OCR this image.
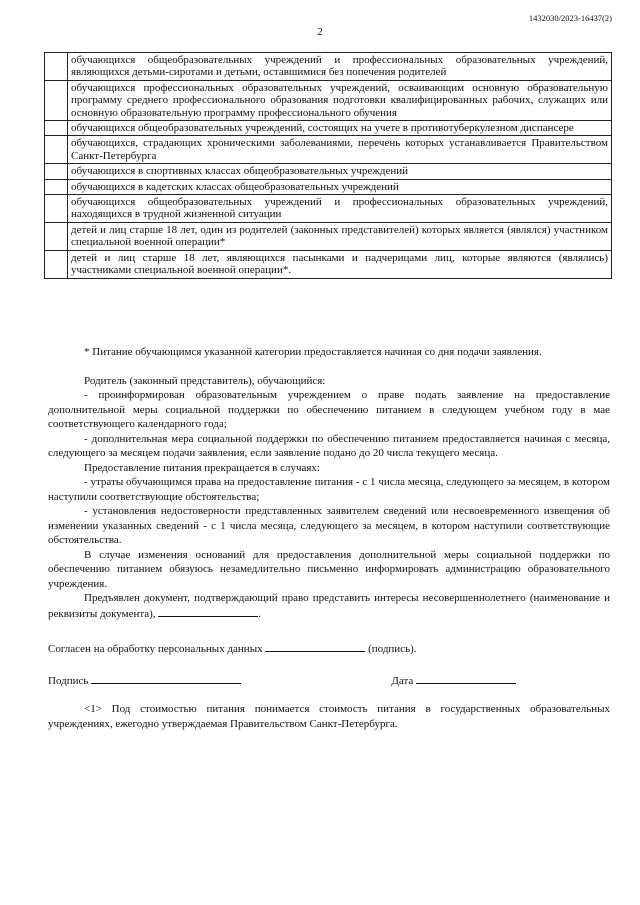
1432030/2023-16437(2)
2
	обучающихся общеобразовательных учреждений и профессиональных образовательных учреждений, являющихся детьми-сиротами и детьми, оставшимися без попечения родителей
	обучающихся профессиональных образовательных учреждений, осваивающим основную образовательную программу среднего профессионального образования подготовки квалифицированных рабочих, служащих или основную образовательную программу профессионального обучения
	обучающихся общеобразовательных учреждений, состоящих на учете в противотуберкулезном диспансере
	обучающихся, страдающих хроническими заболеваниями, перечень которых устанавливается Правительством Санкт-Петербурга
	обучающихся в спортивных классах общеобразовательных учреждений
	обучающихся в кадетских классах общеобразовательных учреждений
	обучающихся общеобразовательных учреждений и профессиональных образовательных учреждений, находящихся в трудной жизненной ситуации
	детей и лиц старше 18 лет, один из родителей (законных представителей) которых является (являлся) участником специальной военной операции*
	детей и лиц старше 18 лет, являющихся пасынками и падчерицами лиц, которые являются (являлись) участниками специальной военной операции*.

* Питание обучающимся указанной категории предоставляется начиная со дня подачи заявления.

Родитель (законный представитель), обучающийся:

- проинформирован образовательным учреждением о праве подать заявление на предоставление дополнительной меры социальной поддержки по обеспечению питанием в следующем учебном году в мае соответствующего календарного года;

- дополнительная мера социальной поддержки по обеспечению питанием предоставляется начиная с месяца, следующего за месяцем подачи заявления, если заявление подано до 20 числа текущего месяца.

Предоставление питания прекращается в случаях:

- утраты обучающимся права на предоставление питания - с 1 числа месяца, следующего за месяцем, в котором наступили соответствующие обстоятельства;

- установления недостоверности представленных заявителем сведений или несвоевременного извещения об изменении указанных сведений - с 1 числа месяца, следующего за месяцем, в котором наступили соответствующие обстоятельства.

В случае изменения оснований для предоставления дополнительной меры социальной поддержки по обеспечению питанием обязуюсь незамедлительно письменно информировать администрацию образовательного учреждения.

Предъявлен документ, подтверждающий право представить интересы несовершеннолетнего (наименование и реквизиты документа),	.

Согласен на обработку персональных данных	(подпись).

Подпись	Дата

<1> Под стоимостью питания понимается стоимость питания в государственных образовательных учреждениях, ежегодно утверждаемая Правительством Санкт-Петербурга.
